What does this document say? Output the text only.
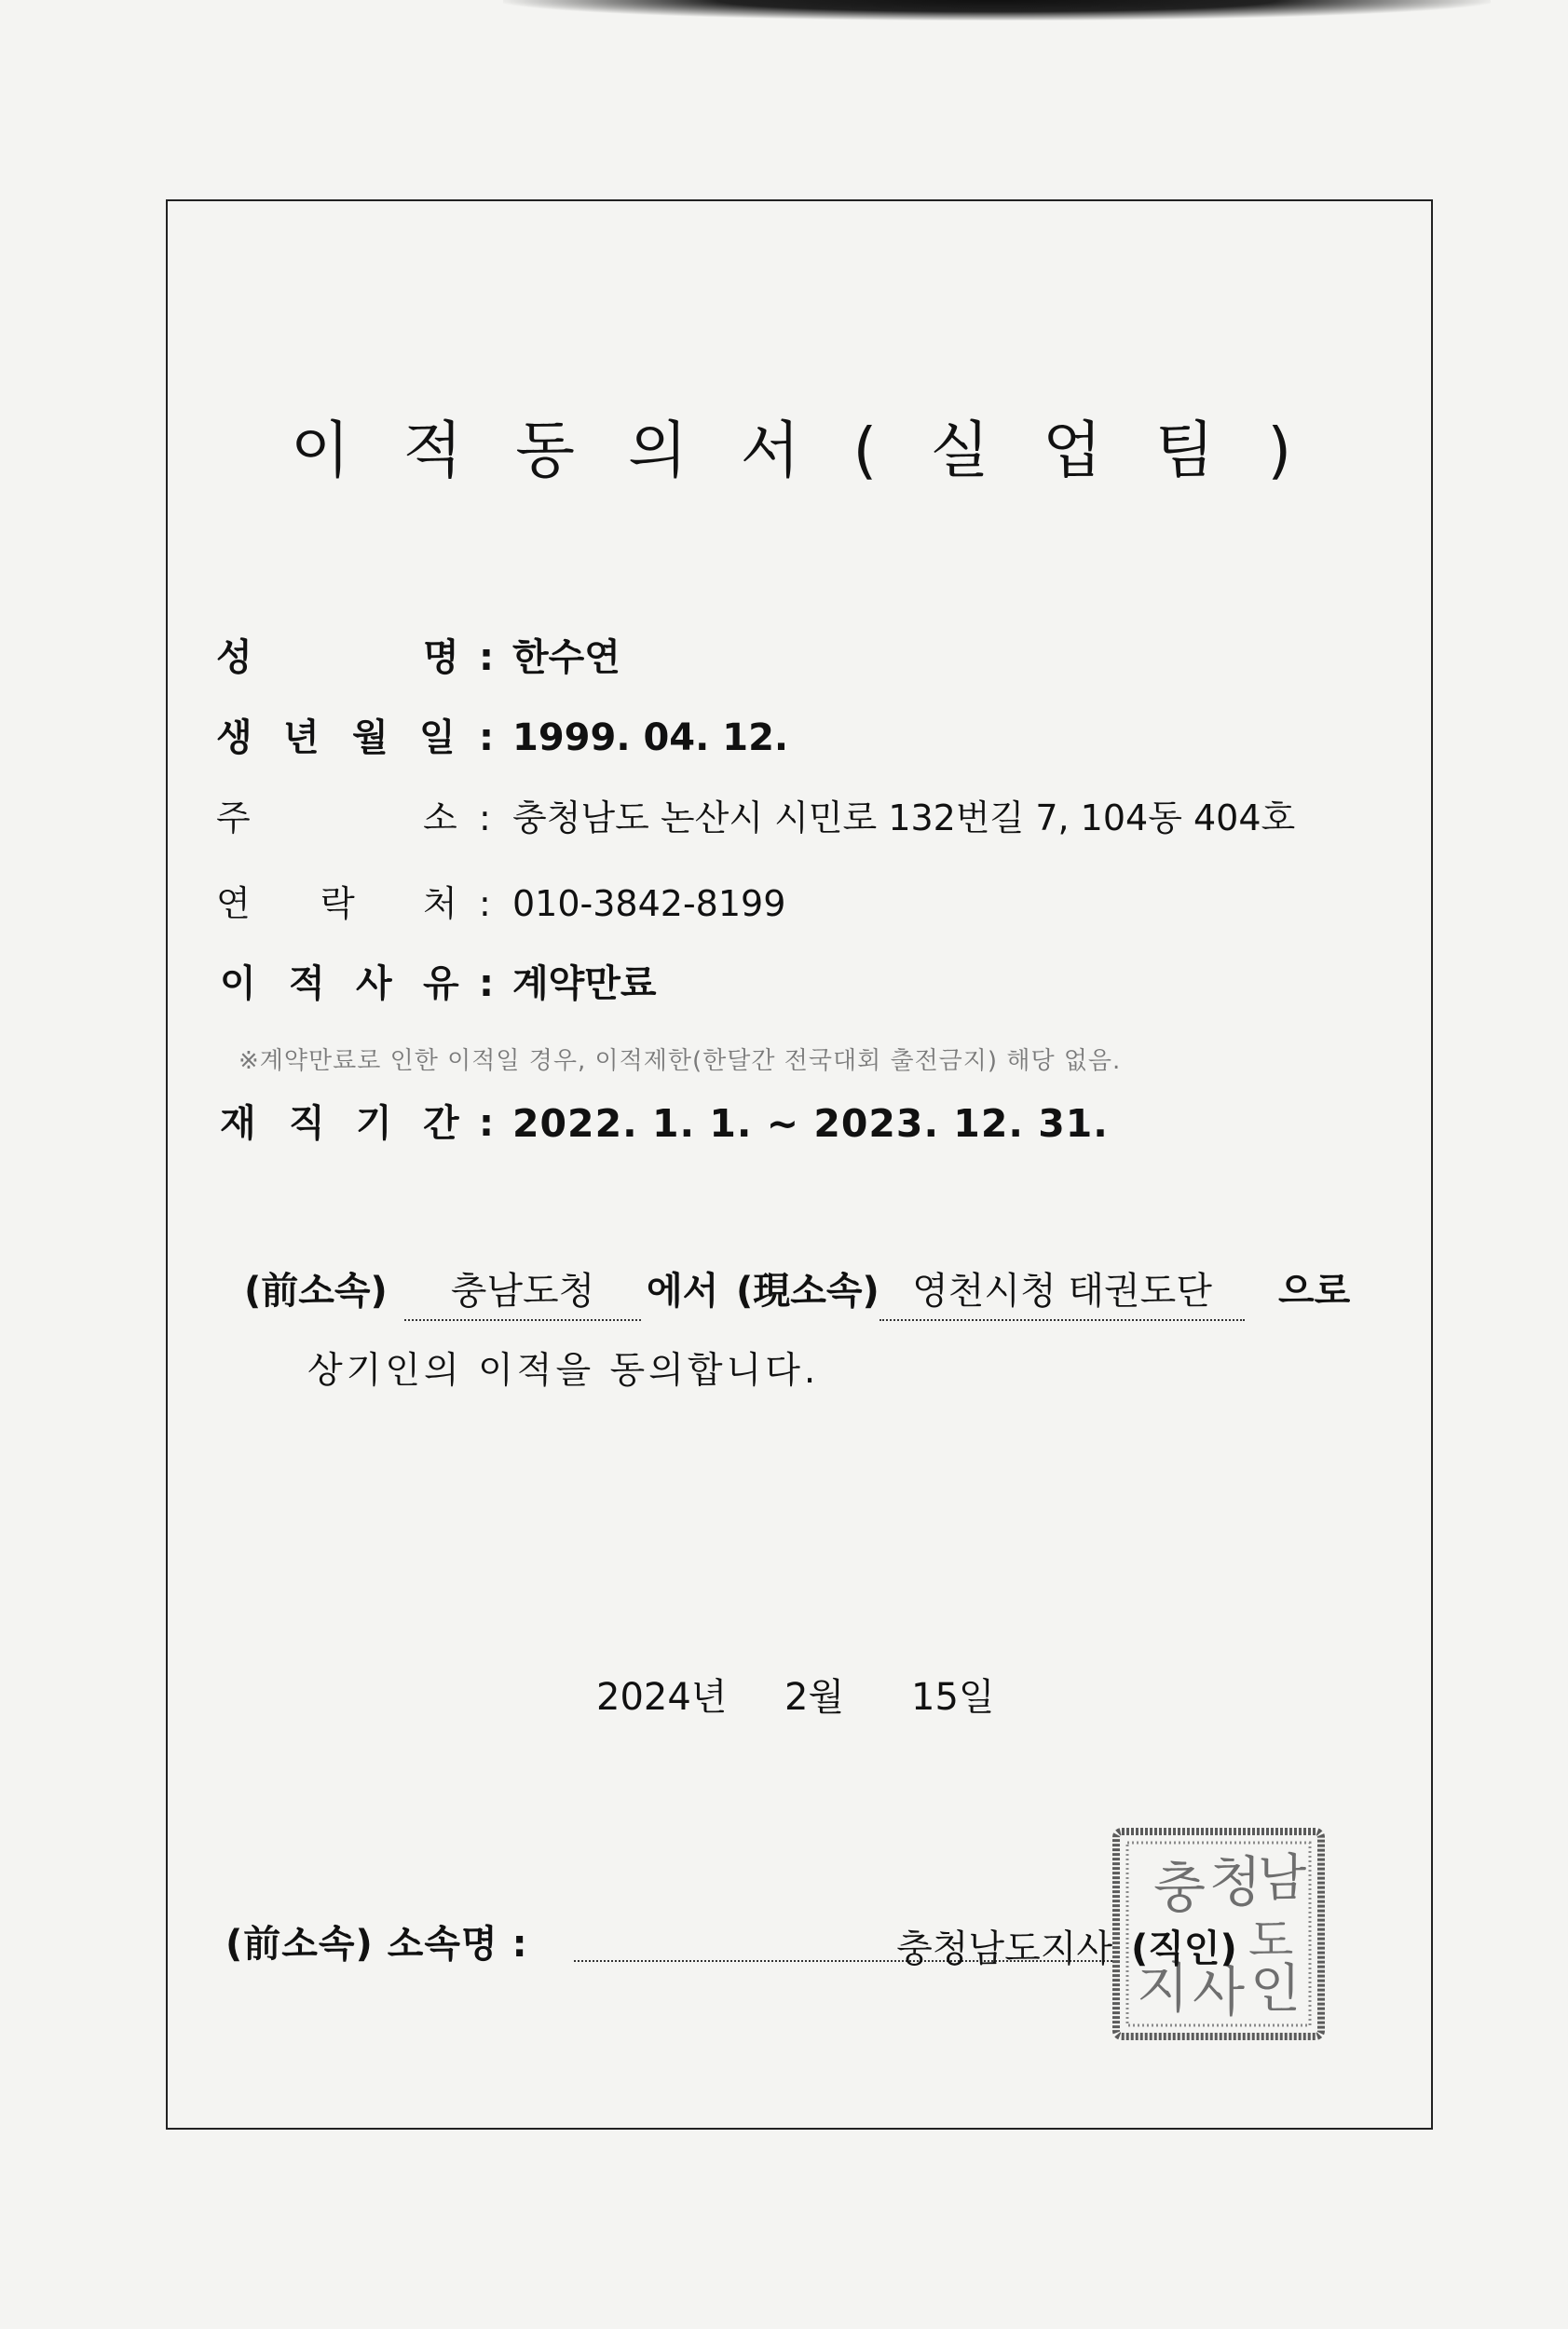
이 적 동 의 서 ( 실 업 팀 )
성	명 : 한수연
생 년 월 일 : 1999. 04. 12.
주	소 : 충청남도 논산시 시민로 132번길 7, 104동 404호
연 락 처 : 010-3842-8199
이 적 사 유 : 계약만료
※계약만료로 인한 이적일 경우, 이적제한(한달간 전국대회 출전금지) 해당 없음.
재 직 기 간 : 2022. 1. 1. ~ 2023. 12. 31.
(前소속)	충남도청	에서 (現소속) 영천시청 태권도단	으로
상기인의 이적을 동의합니다.
2024년 2월 15일
(前소속) 소속명 :	충청남도지사
충 청
남
도
지 사 인
(직인)
